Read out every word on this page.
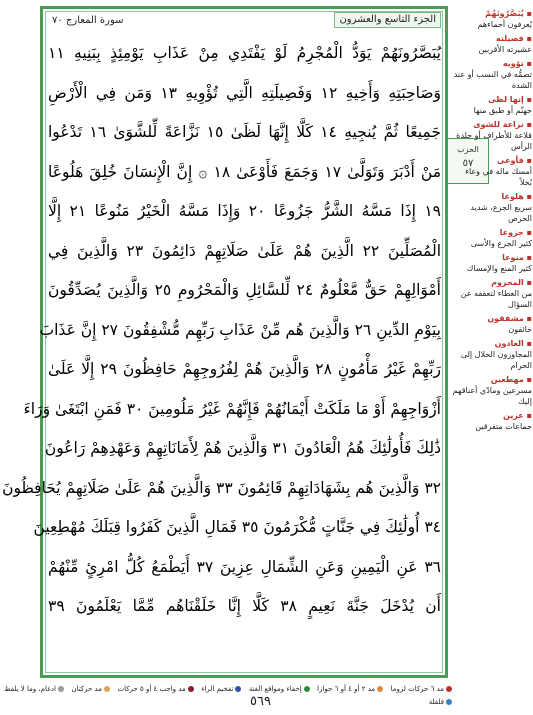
سورة المعارج ٧٠	الجزء التاسع والعشرون
يُبَصَّرُونَهُمْ يَوَدُّ الْمُجْرِمُ لَوْ يَفْتَدِي مِنْ عَذَابِ يَوْمِئِذٍ بِبَنِيهِ ١١
وَصَاحِبَتِهِ وَأَخِيهِ ١٢ وَفَصِيلَتِهِ الَّتِي تُؤْوِيهِ ١٣ وَمَن فِي الْأَرْضِ
جَمِيعًا ثُمَّ يُنجِيهِ ١٤ كَلَّا إِنَّهَا لَظَىٰ ١٥ نَزَّاعَةً لِّلشَّوَىٰ ١٦ تَدْعُوا
مَنْ أَدْبَرَ وَتَوَلَّىٰ ١٧ وَجَمَعَ فَأَوْعَىٰ ١٨ ۞ إِنَّ الْإِنسَانَ خُلِقَ هَلُوعًا
١٩ إِذَا مَسَّهُ الشَّرُّ جَزُوعًا ٢٠ وَإِذَا مَسَّهُ الْخَيْرُ مَنُوعًا ٢١ إِلَّا
الْمُصَلِّينَ ٢٢ الَّذِينَ هُمْ عَلَىٰ صَلَاتِهِمْ دَائِمُونَ ٢٣ وَالَّذِينَ فِي
أَمْوَالِهِمْ حَقٌّ مَّعْلُومٌ ٢٤ لِّلسَّائِلِ وَالْمَحْرُومِ ٢٥ وَالَّذِينَ يُصَدِّقُونَ
بِيَوْمِ الدِّينِ ٢٦ وَالَّذِينَ هُم مِّنْ عَذَابِ رَبِّهِم مُّشْفِقُونَ ٢٧ إِنَّ عَذَابَ
رَبِّهِمْ غَيْرُ مَأْمُونٍ ٢٨ وَالَّذِينَ هُمْ لِفُرُوجِهِمْ حَافِظُونَ ٢٩ إِلَّا عَلَىٰ
أَزْوَاجِهِمْ أَوْ مَا مَلَكَتْ أَيْمَانُهُمْ فَإِنَّهُمْ غَيْرُ مَلُومِينَ ٣٠ فَمَنِ ابْتَغَىٰ وَرَاءَ
ذَٰلِكَ فَأُولَٰئِكَ هُمُ الْعَادُونَ ٣١ وَالَّذِينَ هُمْ لِأَمَانَاتِهِمْ وَعَهْدِهِمْ رَاعُونَ
٣٢ وَالَّذِينَ هُم بِشَهَادَاتِهِمْ قَائِمُونَ ٣٣ وَالَّذِينَ هُمْ عَلَىٰ صَلَاتِهِمْ يُحَافِظُونَ
٣٤ أُولَٰئِكَ فِي جَنَّاتٍ مُّكْرَمُونَ ٣٥ فَمَالِ الَّذِينَ كَفَرُوا قِبَلَكَ مُهْطِعِينَ
٣٦ عَنِ الْيَمِينِ وَعَنِ الشِّمَالِ عِزِينَ ٣٧ أَيَطْمَعُ كُلُّ امْرِئٍ مِّنْهُمْ
أَن يُدْخَلَ جَنَّةَ نَعِيمٍ ٣٨ كَلَّا إِنَّا خَلَقْنَاهُم مِّمَّا يَعْلَمُونَ ٣٩
الحزب
٥٧
▪ يُبَصَّرُونَهُمْ
يُعرفون أحماءهم
▪ فصيلته
عشيرته الأقربين
▪ تؤويه
تضمُّه في النسب أو عند الشدة
▪ إنها لظى
جهنّم أو طبق منها
▪ نزاعة للشوى
قلاعة للأطراف أو جلدة الرأس
▪ فأوعى
أمسك ماله في وعاء بُخلاً
▪ هلوعا
سريع الجزع، شديد الحرص
▪ جزوعا
كثير الجزع والأسى
▪ منوعا
كثير المنع والإمساك
▪ المحروم
من العطاء لتعففه عن السؤال
▪ مشفقون
خائفون
▪ العادون
المجاوزون الحلال إلى الحرام
▪ مهطعين
مسرعين ومادّي أعناقهم إليك
▪ عزين
جماعات متفرقين
مد ٦ حركات لزوما
مد ٢ أو ٤ أو ٦ جوازا
إخفاء ومواقع الغنة
تفخيم الراء
مد واجب ٤ أو ٥ حركات
مد حركتان
ادغام، وما لا يلفظ
قلقلة
٥٦٩
